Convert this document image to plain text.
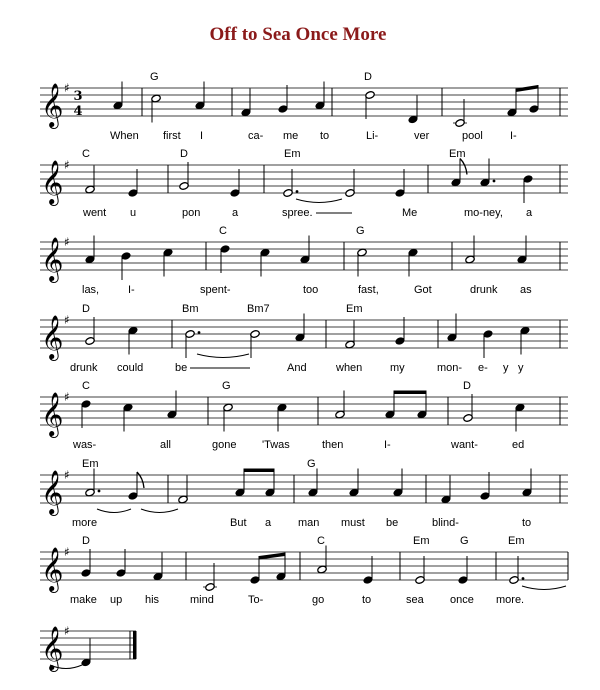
Off to Sea Once More
𝄞 ♯
3
4
G	D
When first I	ca- me to	Li-	ver	pool I-
𝄞 ♯
C	D	Em	Em
went u	pon	a	spree.	Me	mo-ney, a
𝄞 ♯
C	G
las,	I-	spent-	too	fast,	Got	drunk as
𝄞 ♯
D	Bm	Bm7	Em
drunk could	be	And	when	my	mon- e- y y
𝄞 ♯
C	G	D
was-	all	gone 'Twas	then	I-	want-	ed
𝄞 ♯
Em	G
more	But a man must be	blind-	to
𝄞 ♯
D	C	Em	G	Em
make up his	mind	To-	go	to	sea once more.
𝄞 ♯
